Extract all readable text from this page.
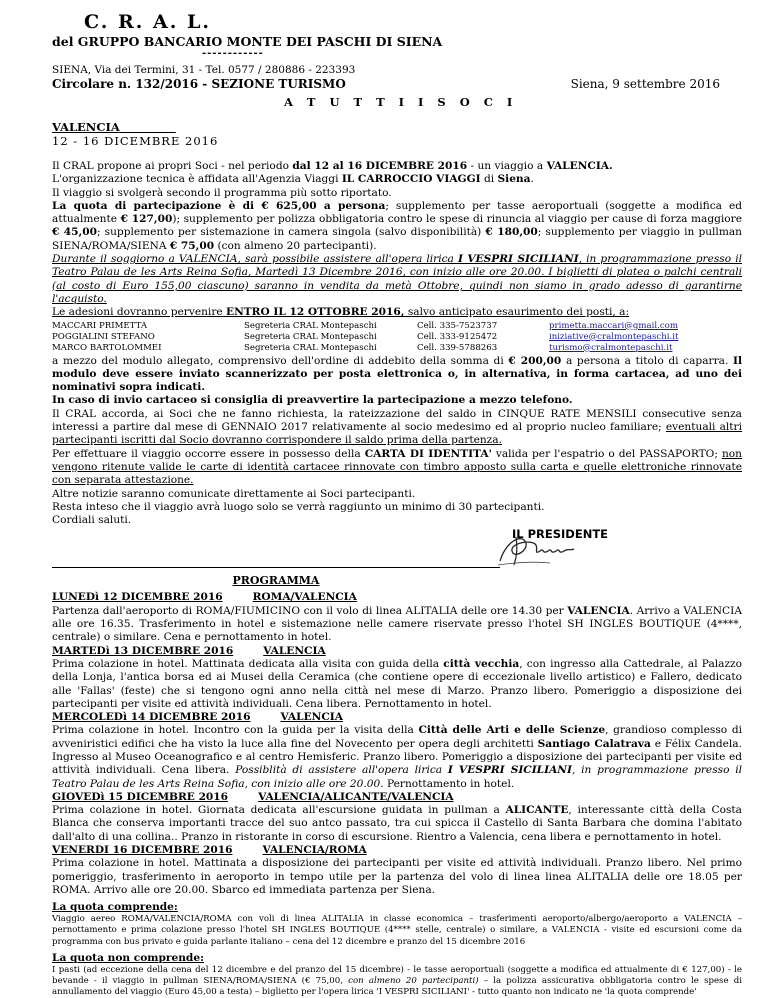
C. R. A. L.
del GRUPPO BANCARIO MONTE DEI PASCHI DI SIENA
------------
SIENA, Via dei Termini, 31 - Tel. 0577 / 280886 - 223393
Circolare n. 132/2016 - SEZIONE TURISMO	Siena, 9 settembre 2016
A T U T T I I S O C I
VALENCIA
12 - 16 DICEMBRE 2016
Il CRAL propone ai propri Soci - nel periodo dal 12 al 16 DICEMBRE 2016 - un viaggio a VALENCIA.
L'organizzazione tecnica è affidata all'Agenzia Viaggi IL CARROCCIO VIAGGI di Siena.
Il viaggio si svolgerà secondo il programma più sotto riportato.
La quota di partecipazione è di € 625,00 a persona; supplemento per tasse aeroportuali (soggette a modifica ed attualmente € 127,00); supplemento per polizza obbligatoria contro le spese di rinuncia al viaggio per cause di forza maggiore € 45,00; supplemento per sistemazione in camera singola (salvo disponibilità) € 180,00; supplemento per viaggio in pullman SIENA/ROMA/SIENA € 75,00 (con almeno 20 partecipanti).
Durante il soggiorno a VALENCIA, sarà possibile assistere all'opera lirica I VESPRI SICILIANI, in programmazione presso il Teatro Palau de les Arts Reina Sofia, Martedì 13 Dicembre 2016, con inizio alle ore 20.00. I biglietti di platea o palchi centrali (al costo di Euro 155,00 ciascuno) saranno in vendita da metà Ottobre, quindi non siamo in grado adesso di garantirne l'acquisto.
Le adesioni dovranno pervenire ENTRO IL 12 OTTOBRE 2016, salvo anticipato esaurimento dei posti, a:
MACCARI PRIMETTA	Segreteria CRAL Montepaschi	Cell. 335-7523737	primetta.maccari@gmail.com
POGGIALINI STEFANO	Segreteria CRAL Montepaschi	Cell. 333-9125472	iniziative@cralmontepaschi.it
MARCO BARTOLOMMEI	Segreteria CRAL Montepaschi	Cell. 339-5788263	turismo@cralmontepaschi.it
a mezzo del modulo allegato, comprensivo dell'ordine di addebito della somma di € 200,00 a persona a titolo di caparra. Il modulo deve essere inviato scannerizzato per posta elettronica o, in alternativa, in forma cartacea, ad uno dei nominativi sopra indicati.
In caso di invio cartaceo si consiglia di preavvertire la partecipazione a mezzo telefono.
Il CRAL accorda, ai Soci che ne fanno richiesta, la rateizzazione del saldo in CINQUE RATE MENSILI consecutive senza interessi a partire dal mese di GENNAIO 2017 relativamente al socio medesimo ed al proprio nucleo familiare; eventuali altri partecipanti iscritti dal Socio dovranno corrispondere il saldo prima della partenza.
Per effettuare il viaggio occorre essere in possesso della CARTA DI IDENTITA' valida per l'espatrio o del PASSAPORTO; non vengono ritenute valide le carte di identità cartacee rinnovate con timbro apposto sulla carta e quelle elettroniche rinnovate con separata attestazione.
Altre notizie saranno comunicate direttamente ai Soci partecipanti.
Resta inteso che il viaggio avrà luogo solo se verrà raggiunto un minimo di 30 partecipanti.
Cordiali saluti.
IL PRESIDENTE
PROGRAMMA
LUNEDì 12 DICEMBRE 2016	ROMA/VALENCIA
Partenza dall'aeroporto di ROMA/FIUMICINO con il volo di linea ALITALIA delle ore 14.30 per VALENCIA. Arrivo a VALENCIA alle ore 16.35. Trasferimento in hotel e sistemazione nelle camere riservate presso l'hotel SH INGLES BOUTIQUE (4****, centrale) o similare. Cena e pernottamento in hotel.
MARTEDì 13 DICEMBRE 2016	VALENCIA
Prima colazione in hotel. Mattinata dedicata alla visita con guida della città vecchia, con ingresso alla Cattedrale, al Palazzo della Lonja, l'antica borsa ed ai Musei della Ceramica (che contiene opere di eccezionale livello artistico) e Fallero, dedicato alle 'Fallas' (feste) che si tengono ogni anno nella città nel mese di Marzo. Pranzo libero. Pomeriggio a disposizione dei partecipanti per visite ed attività individuali. Cena libera. Pernottamento in hotel.
MERCOLEDì 14 DICEMBRE 2016	VALENCIA
Prima colazione in hotel. Incontro con la guida per la visita della Città delle Arti e delle Scienze, grandioso complesso di avveniristici edifici che ha visto la luce alla fine del Novecento per opera degli architetti Santiago Calatrava e Félix Candela. Ingresso al Museo Oceanografico e al centro Hemisferic. Pranzo libero. Pomeriggio a disposizione dei partecipanti per visite ed attività individuali. Cena libera. Possiblità di assistere all'opera lirica I VESPRI SICILIANI, in programmazione presso il Teatro Palau de les Arts Reina Sofia, con inizio alle ore 20.00. Pernottamento in hotel.
GIOVEDì 15 DICEMBRE 2016	VALENCIA/ALICANTE/VALENCIA
Prima colazione in hotel. Giornata dedicata all'escursione guidata in pullman a ALICANTE, interessante città della Costa Blanca che conserva importanti tracce del suo antco passato, tra cui spicca il Castello di Santa Barbara che domina l'abitato dall'alto di una collina.. Pranzo in ristorante in corso di escursione. Rientro a Valencia, cena libera e pernottamento in hotel.
VENERDI 16 DICEMBRE 2016	VALENCIA/ROMA
Prima colazione in hotel. Mattinata a disposizione dei partecipanti per visite ed attività individuali. Pranzo libero. Nel primo pomeriggio, trasferimento in aeroporto in tempo utile per la partenza del volo di linea linea ALITALIA delle ore 18.05 per ROMA. Arrivo alle ore 20.00. Sbarco ed immediata partenza per Siena.
La quota comprende:
Viaggio aereo ROMA/VALENCIA/ROMA con voli di linea ALITALIA in classe economica – trasferimenti aeroporto/albergo/aeroporto a VALENCIA – pernottamento e prima colazione presso l'hotel SH INGLES BOUTIQUE (4**** stelle, centrale) o similare, a VALENCIA - visite ed escursioni come da programma con bus privato e guida parlante italiano – cena del 12 dicembre e pranzo del 15 dicembre 2016
La quota non comprende:
I pasti (ad eccezione della cena del 12 dicembre e del pranzo del 15 dicembre) - le tasse aeroportuali (soggette a modifica ed attualmente di € 127,00) - le bevande - il viaggio in pullman SIENA/ROMA/SIENA (€ 75,00, con almeno 20 partecipanti) – la polizza assicurativa obbligatoria contro le spese di annullamento del viaggio (Euro 45,00 a testa) – biglietto per l'opera lirica 'I VESPRI SICILIANI' - tutto quanto non indicato ne 'la quota comprende'
